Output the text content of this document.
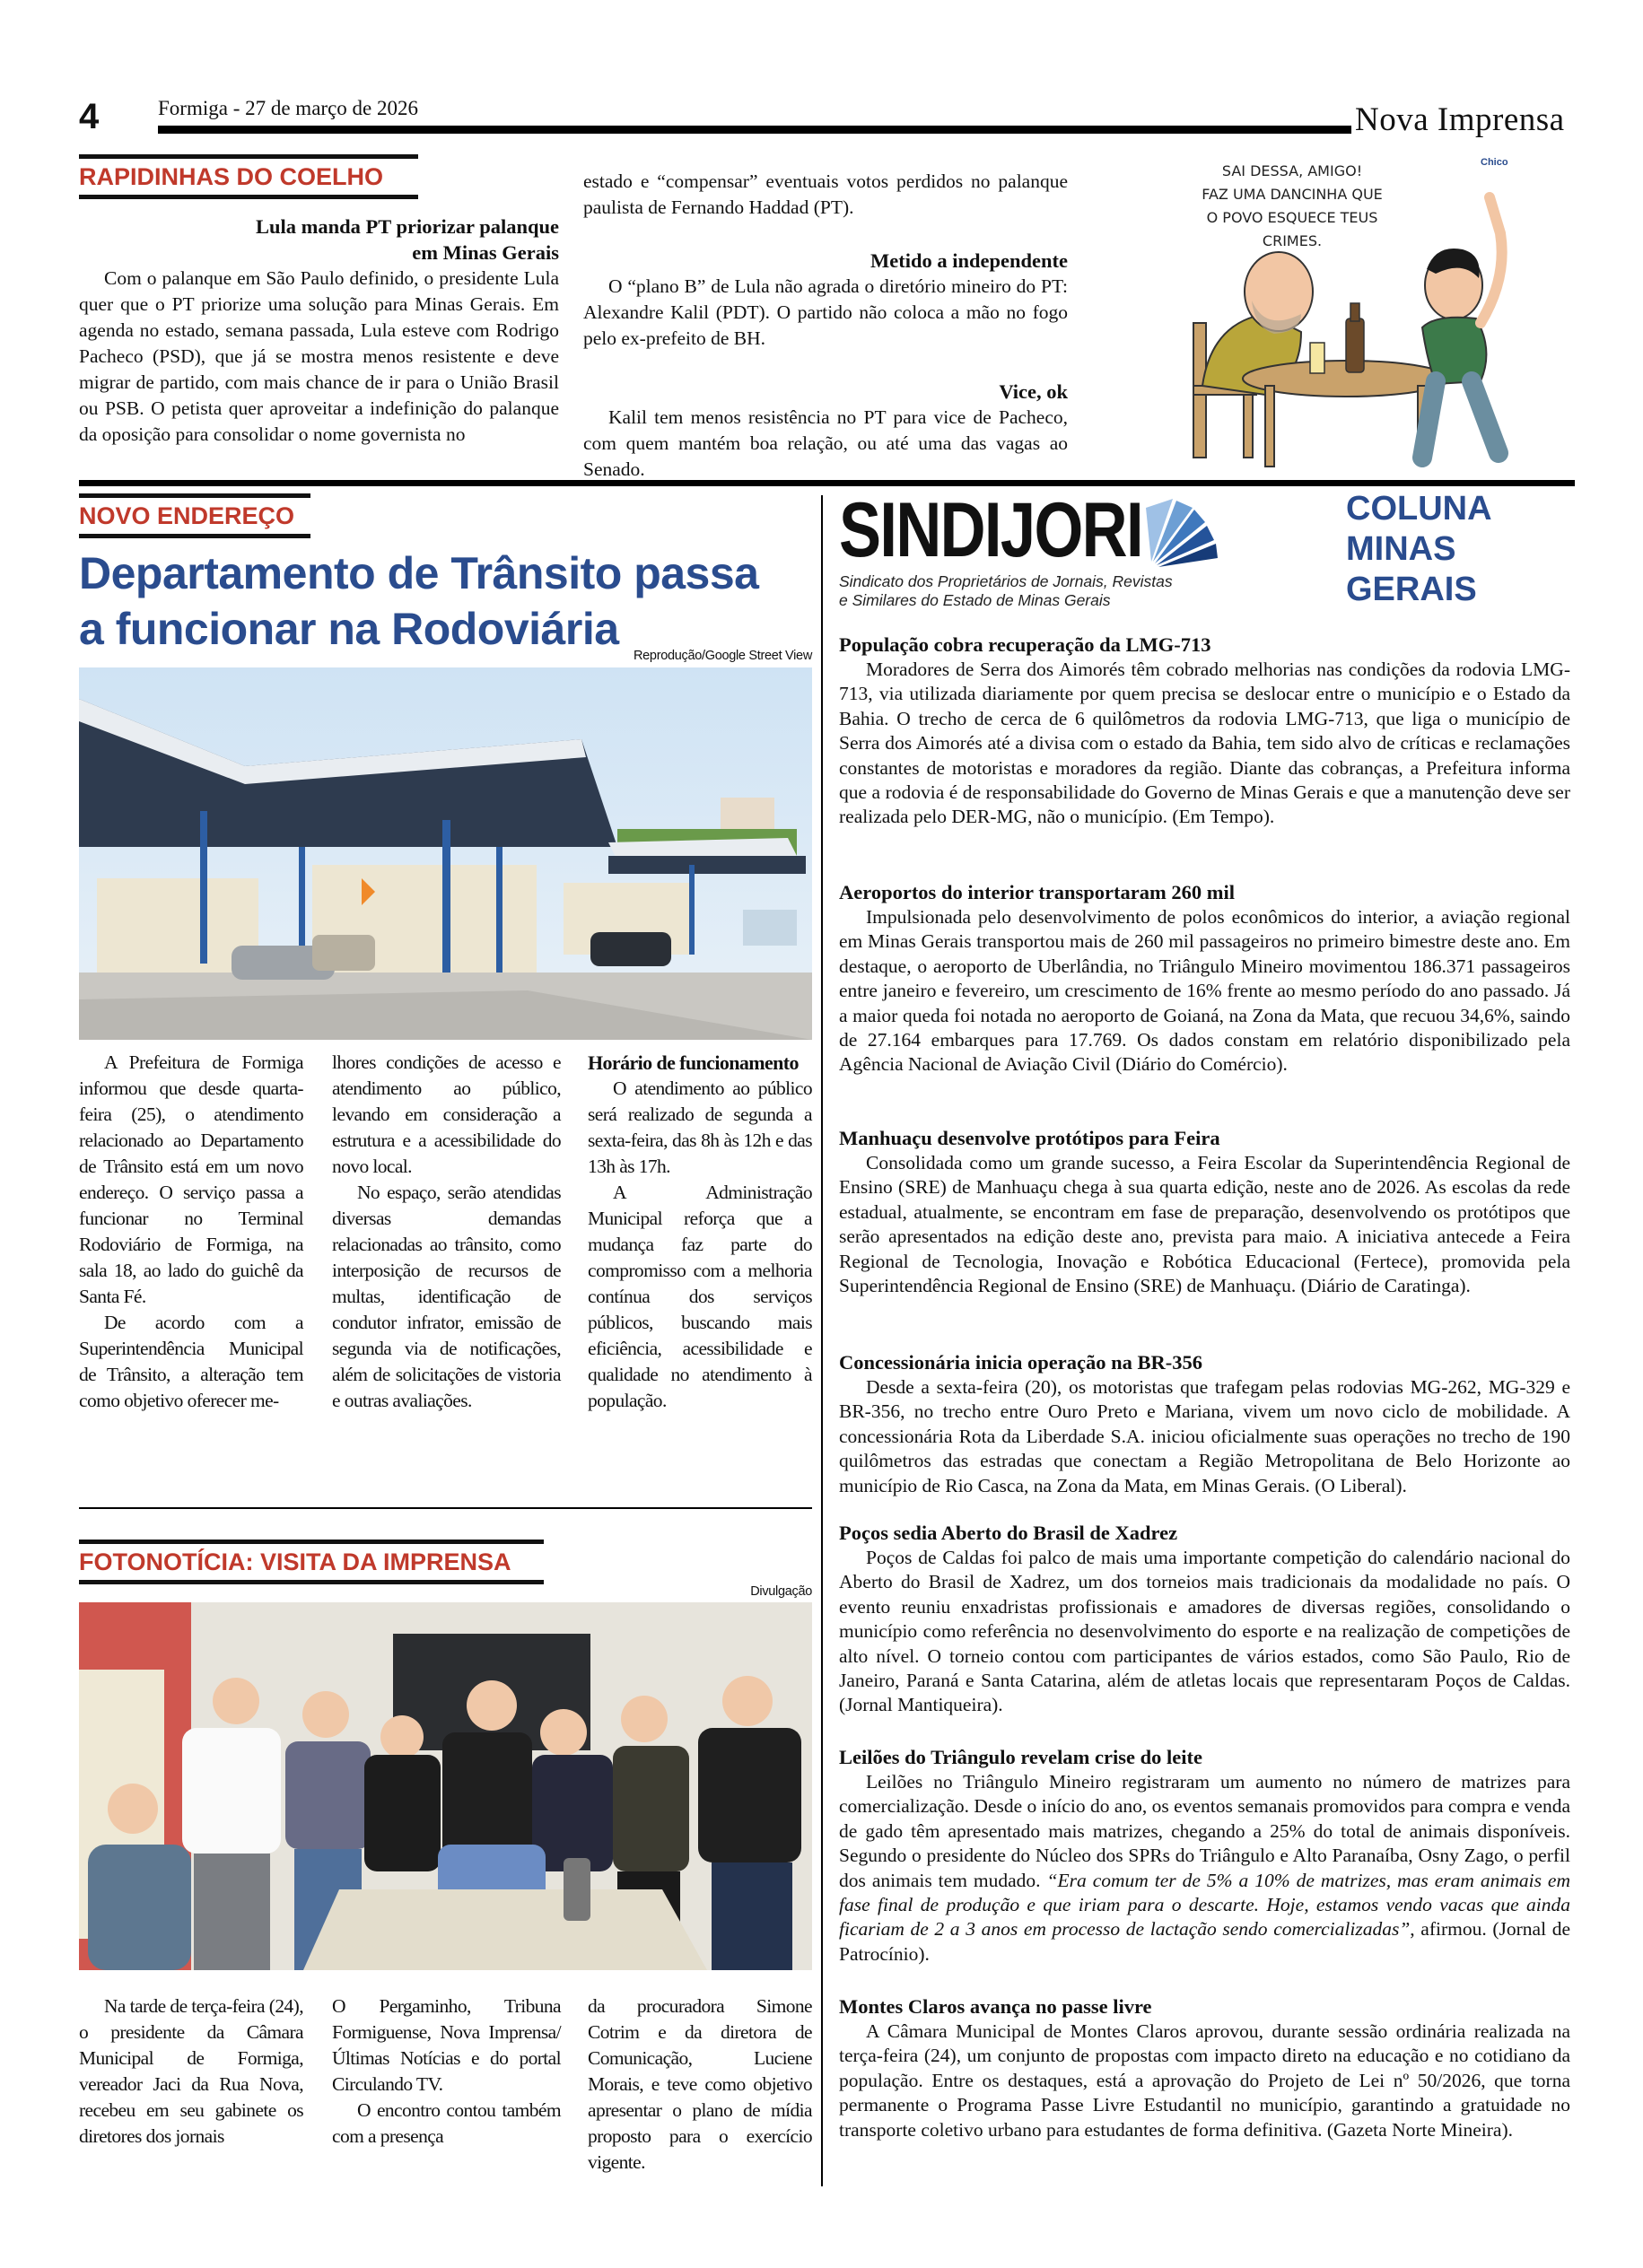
4	Formiga - 27 de março de 2026	Nova Imprensa
RAPIDINHAS DO COELHO
Lula manda PT priorizar palanque
em Minas Gerais

Com o palanque em São Paulo definido, o presidente Lula quer que o PT priorize uma solução para Minas Gerais. Em agenda no estado, semana passada, Lula esteve com Rodrigo Pacheco (PSD), que já se mostra menos resistente e deve migrar de partido, com mais chance de ir para o União Brasil ou PSB. O petista quer aproveitar a indefinição do palanque da oposição para consolidar o nome governista no

estado e “compensar” eventuais votos perdidos no palanque paulista de Fernando Haddad (PT).

Metido a independente

O “plano B” de Lula não agrada o diretório mineiro do PT: Alexandre Kalil (PDT). O partido não coloca a mão no fogo pelo ex-prefeito de BH.

Vice, ok

Kalil tem menos resistência no PT para vice de Pacheco, com quem mantém boa relação, ou até uma das vagas ao Senado.

SAI DESSA, AMIGO!
FAZ UMA DANCINHA QUE
O POVO ESQUECE TEUS
CRIMES.
Chico
NOVO ENDEREÇO
Departamento de Trânsito passa
a funcionar na Rodoviária
Reprodução/Google Street View

A Prefeitura de Formiga informou que desde quarta-feira (25), o atendimento relacionado ao Departamento de Trânsito está em um novo endereço. O serviço passa a funcionar no Terminal Rodoviário de Formiga, na sala 18, ao lado do guichê da Santa Fé.

De acordo com a Superintendência Municipal de Trânsito, a alteração tem como objetivo oferecer me-

lhores condições de acesso e atendimento ao público, levando em consideração a estrutura e a acessibilidade do novo local.

No espaço, serão atendidas diversas demandas relacionadas ao trânsito, como interposição de recursos de multas, identificação de condutor infrator, emissão de segunda via de notificações, além de solicitações de vistoria e outras avaliações.

Horário de funcionamento

O atendimento ao público será realizado de segunda a sexta-feira, das 8h às 12h e das 13h às 17h.

A Administração Municipal reforça que a mudança faz parte do compromisso com a melhoria contínua dos serviços públicos, buscando mais eficiência, acessibilidade e qualidade no atendimento à população.

FOTONOTÍCIA: VISITA DA IMPRENSA
Divulgação

Na tarde de terça-feira (24), o presidente da Câmara Municipal de Formiga, vereador Jaci da Rua Nova, recebeu em seu gabinete os diretores dos jornais

O Pergaminho, Tribuna Formiguense, Nova Imprensa/Últimas Notícias e do portal Circulando TV.

O encontro contou também com a presença

da procuradora Simone Cotrim e da diretora de Comunicação, Luciene Morais, e teve como objetivo apresentar o plano de mídia proposto para o exercício vigente.

SINDIJORI
Sindicato dos Proprietários de Jornais, Revistas
e Similares do Estado de Minas Gerais
COLUNA
MINAS
GERAIS
População cobra recuperação da LMG-713

Moradores de Serra dos Aimorés têm cobrado melhorias nas condições da rodovia LMG-713, via utilizada diariamente por quem precisa se deslocar entre o município e o Estado da Bahia. O trecho de cerca de 6 quilômetros da rodovia LMG-713, que liga o município de Serra dos Aimorés até a divisa com o estado da Bahia, tem sido alvo de críticas e reclamações constantes de motoristas e moradores da região. Diante das cobranças, a Prefeitura informa que a rodovia é de responsabilidade do Governo de Minas Gerais e que a manutenção deve ser realizada pelo DER-MG, não o município. (Em Tempo).

Aeroportos do interior transportaram 260 mil

Impulsionada pelo desenvolvimento de polos econômicos do interior, a aviação regional em Minas Gerais transportou mais de 260 mil passageiros no primeiro bimestre deste ano. Em destaque, o aeroporto de Uberlândia, no Triângulo Mineiro movimentou 186.371 passageiros entre janeiro e fevereiro, um crescimento de 16% frente ao mesmo período do ano passado. Já a maior queda foi notada no aeroporto de Goianá, na Zona da Mata, que recuou 34,6%, saindo de 27.164 embarques para 17.769. Os dados constam em relatório disponibilizado pela Agência Nacional de Aviação Civil (Diário do Comércio).

Manhuaçu desenvolve protótipos para Feira

Consolidada como um grande sucesso, a Feira Escolar da Superintendência Regional de Ensino (SRE) de Manhuaçu chega à sua quarta edição, neste ano de 2026. As escolas da rede estadual, atualmente, se encontram em fase de preparação, desenvolvendo os protótipos que serão apresentados na edição deste ano, prevista para maio. A iniciativa antecede a Feira Regional de Tecnologia, Inovação e Robótica Educacional (Fertece), promovida pela Superintendência Regional de Ensino (SRE) de Manhuaçu. (Diário de Caratinga).

Concessionária inicia operação na BR-356

Desde a sexta-feira (20), os motoristas que trafegam pelas rodovias MG-262, MG-329 e BR-356, no trecho entre Ouro Preto e Mariana, vivem um novo ciclo de mobilidade. A concessionária Rota da Liberdade S.A. iniciou oficialmente suas operações no trecho de 190 quilômetros das estradas que conectam a Região Metropolitana de Belo Horizonte ao município de Rio Casca, na Zona da Mata, em Minas Gerais. (O Liberal).

Poços sedia Aberto do Brasil de Xadrez

Poços de Caldas foi palco de mais uma importante competição do calendário nacional do Aberto do Brasil de Xadrez, um dos torneios mais tradicionais da modalidade no país. O evento reuniu enxadristas profissionais e amadores de diversas regiões, consolidando o município como referência no desenvolvimento do esporte e na realização de competições de alto nível. O torneio contou com participantes de vários estados, como São Paulo, Rio de Janeiro, Paraná e Santa Catarina, além de atletas locais que representaram Poços de Caldas. (Jornal Mantiqueira).

Leilões do Triângulo revelam crise do leite

Leilões no Triângulo Mineiro registraram um aumento no número de matrizes para comercialização. Desde o início do ano, os eventos semanais promovidos para compra e venda de gado têm apresentado mais matrizes, chegando a 25% do total de animais disponíveis. Segundo o presidente do Núcleo dos SPRs do Triângulo e Alto Paranaíba, Osny Zago, o perfil dos animais tem mudado. “Era comum ter de 5% a 10% de matrizes, mas eram animais em fase final de produção e que iriam para o descarte. Hoje, estamos vendo vacas que ainda ficariam de 2 a 3 anos em processo de lactação sendo comercializadas”, afirmou. (Jornal de Patrocínio).

Montes Claros avança no passe livre

A Câmara Municipal de Montes Claros aprovou, durante sessão ordinária realizada na terça-feira (24), um conjunto de propostas com impacto direto na educação e no cotidiano da população. Entre os destaques, está a aprovação do Projeto de Lei nº 50/2026, que torna permanente o Programa Passe Livre Estudantil no município, garantindo a gratuidade no transporte coletivo urbano para estudantes de forma definitiva. (Gazeta Norte Mineira).
